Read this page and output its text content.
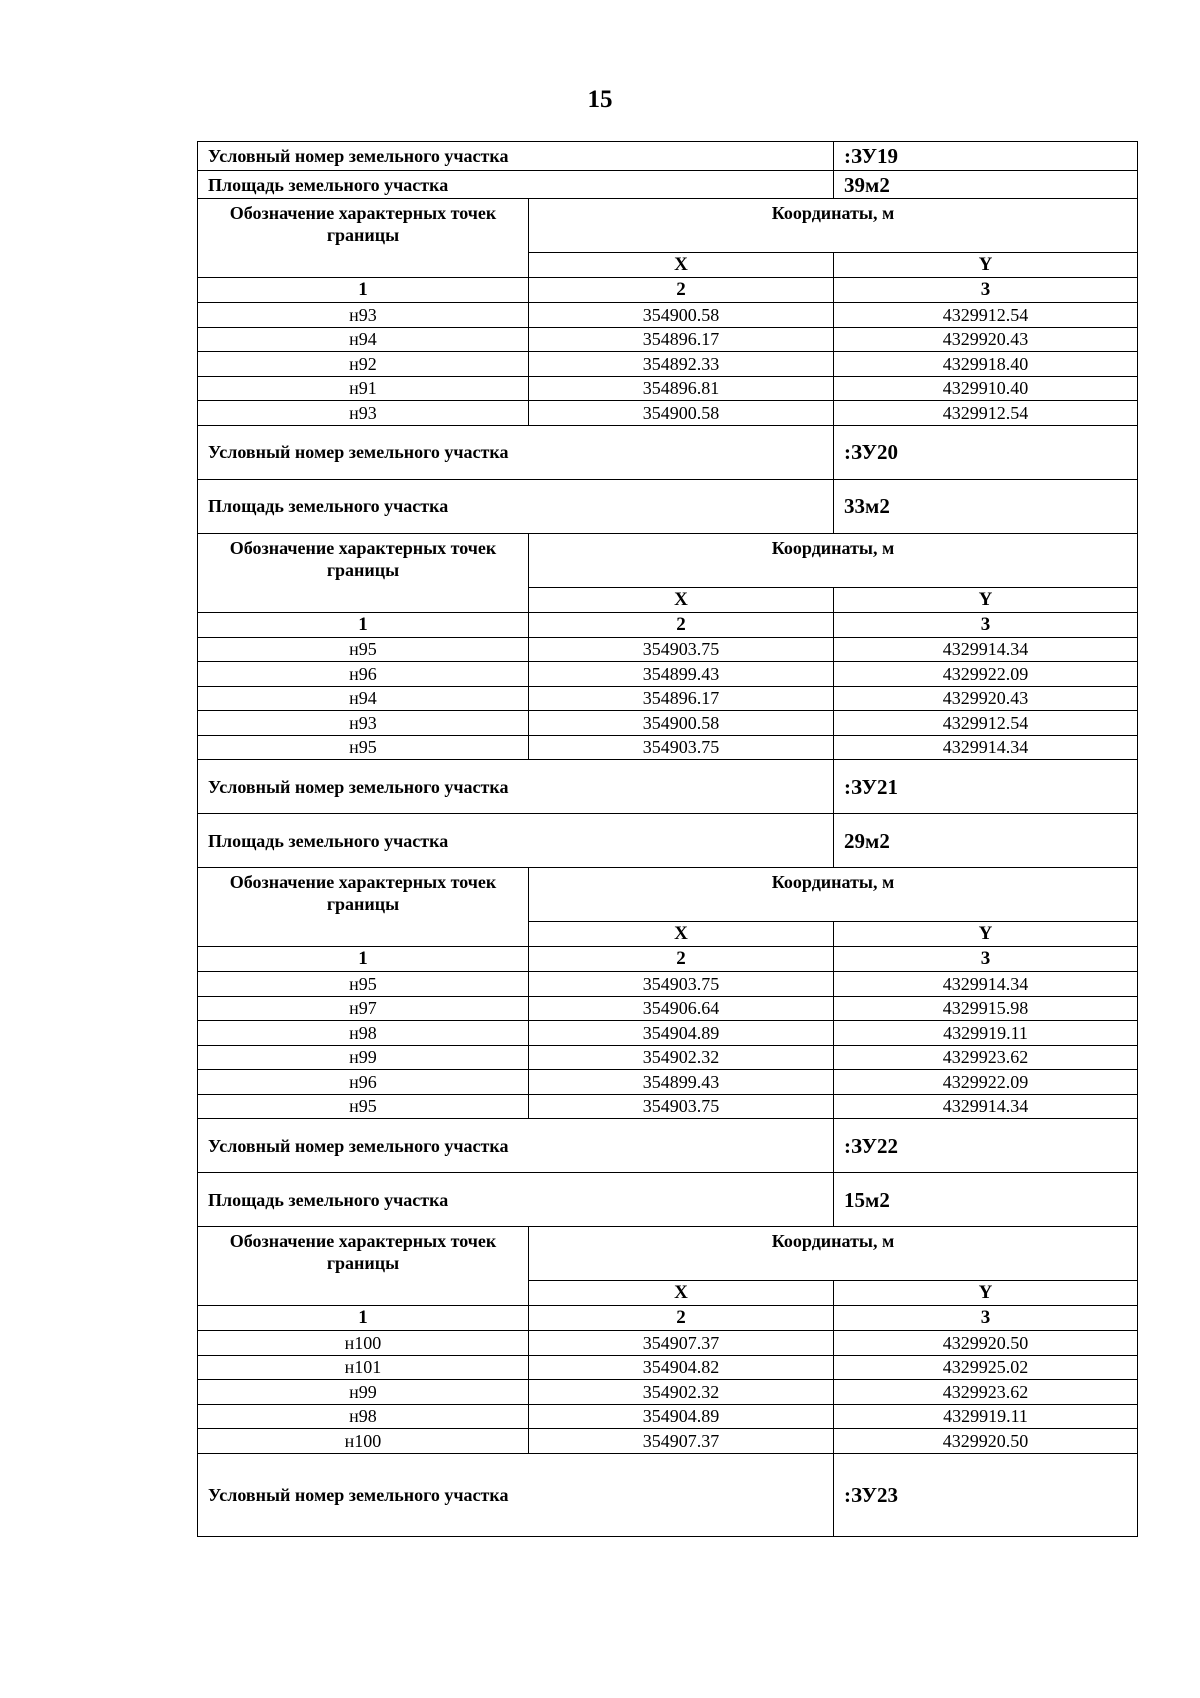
15
Условный номер земельного участка		:ЗУ19
Площадь земельного участка		39м2
Обозначение характерных точек границы	Координаты, м	
	X	Y
1	2	3
н93	354900.58	4329912.54
н94	354896.17	4329920.43
н92	354892.33	4329918.40
н91	354896.81	4329910.40
н93	354900.58	4329912.54
Условный номер земельного участка		:ЗУ20
Площадь земельного участка		33м2
Обозначение характерных точек границы	Координаты, м	
	X	Y
1	2	3
н95	354903.75	4329914.34
н96	354899.43	4329922.09
н94	354896.17	4329920.43
н93	354900.58	4329912.54
н95	354903.75	4329914.34
Условный номер земельного участка		:ЗУ21
Площадь земельного участка		29м2
Обозначение характерных точек границы	Координаты, м	
	X	Y
1	2	3
н95	354903.75	4329914.34
н97	354906.64	4329915.98
н98	354904.89	4329919.11
н99	354902.32	4329923.62
н96	354899.43	4329922.09
н95	354903.75	4329914.34
Условный номер земельного участка		:ЗУ22
Площадь земельного участка		15м2
Обозначение характерных точек границы	Координаты, м	
	X	Y
1	2	3
н100	354907.37	4329920.50
н101	354904.82	4329925.02
н99	354902.32	4329923.62
н98	354904.89	4329919.11
н100	354907.37	4329920.50
Условный номер земельного участка		:ЗУ23
